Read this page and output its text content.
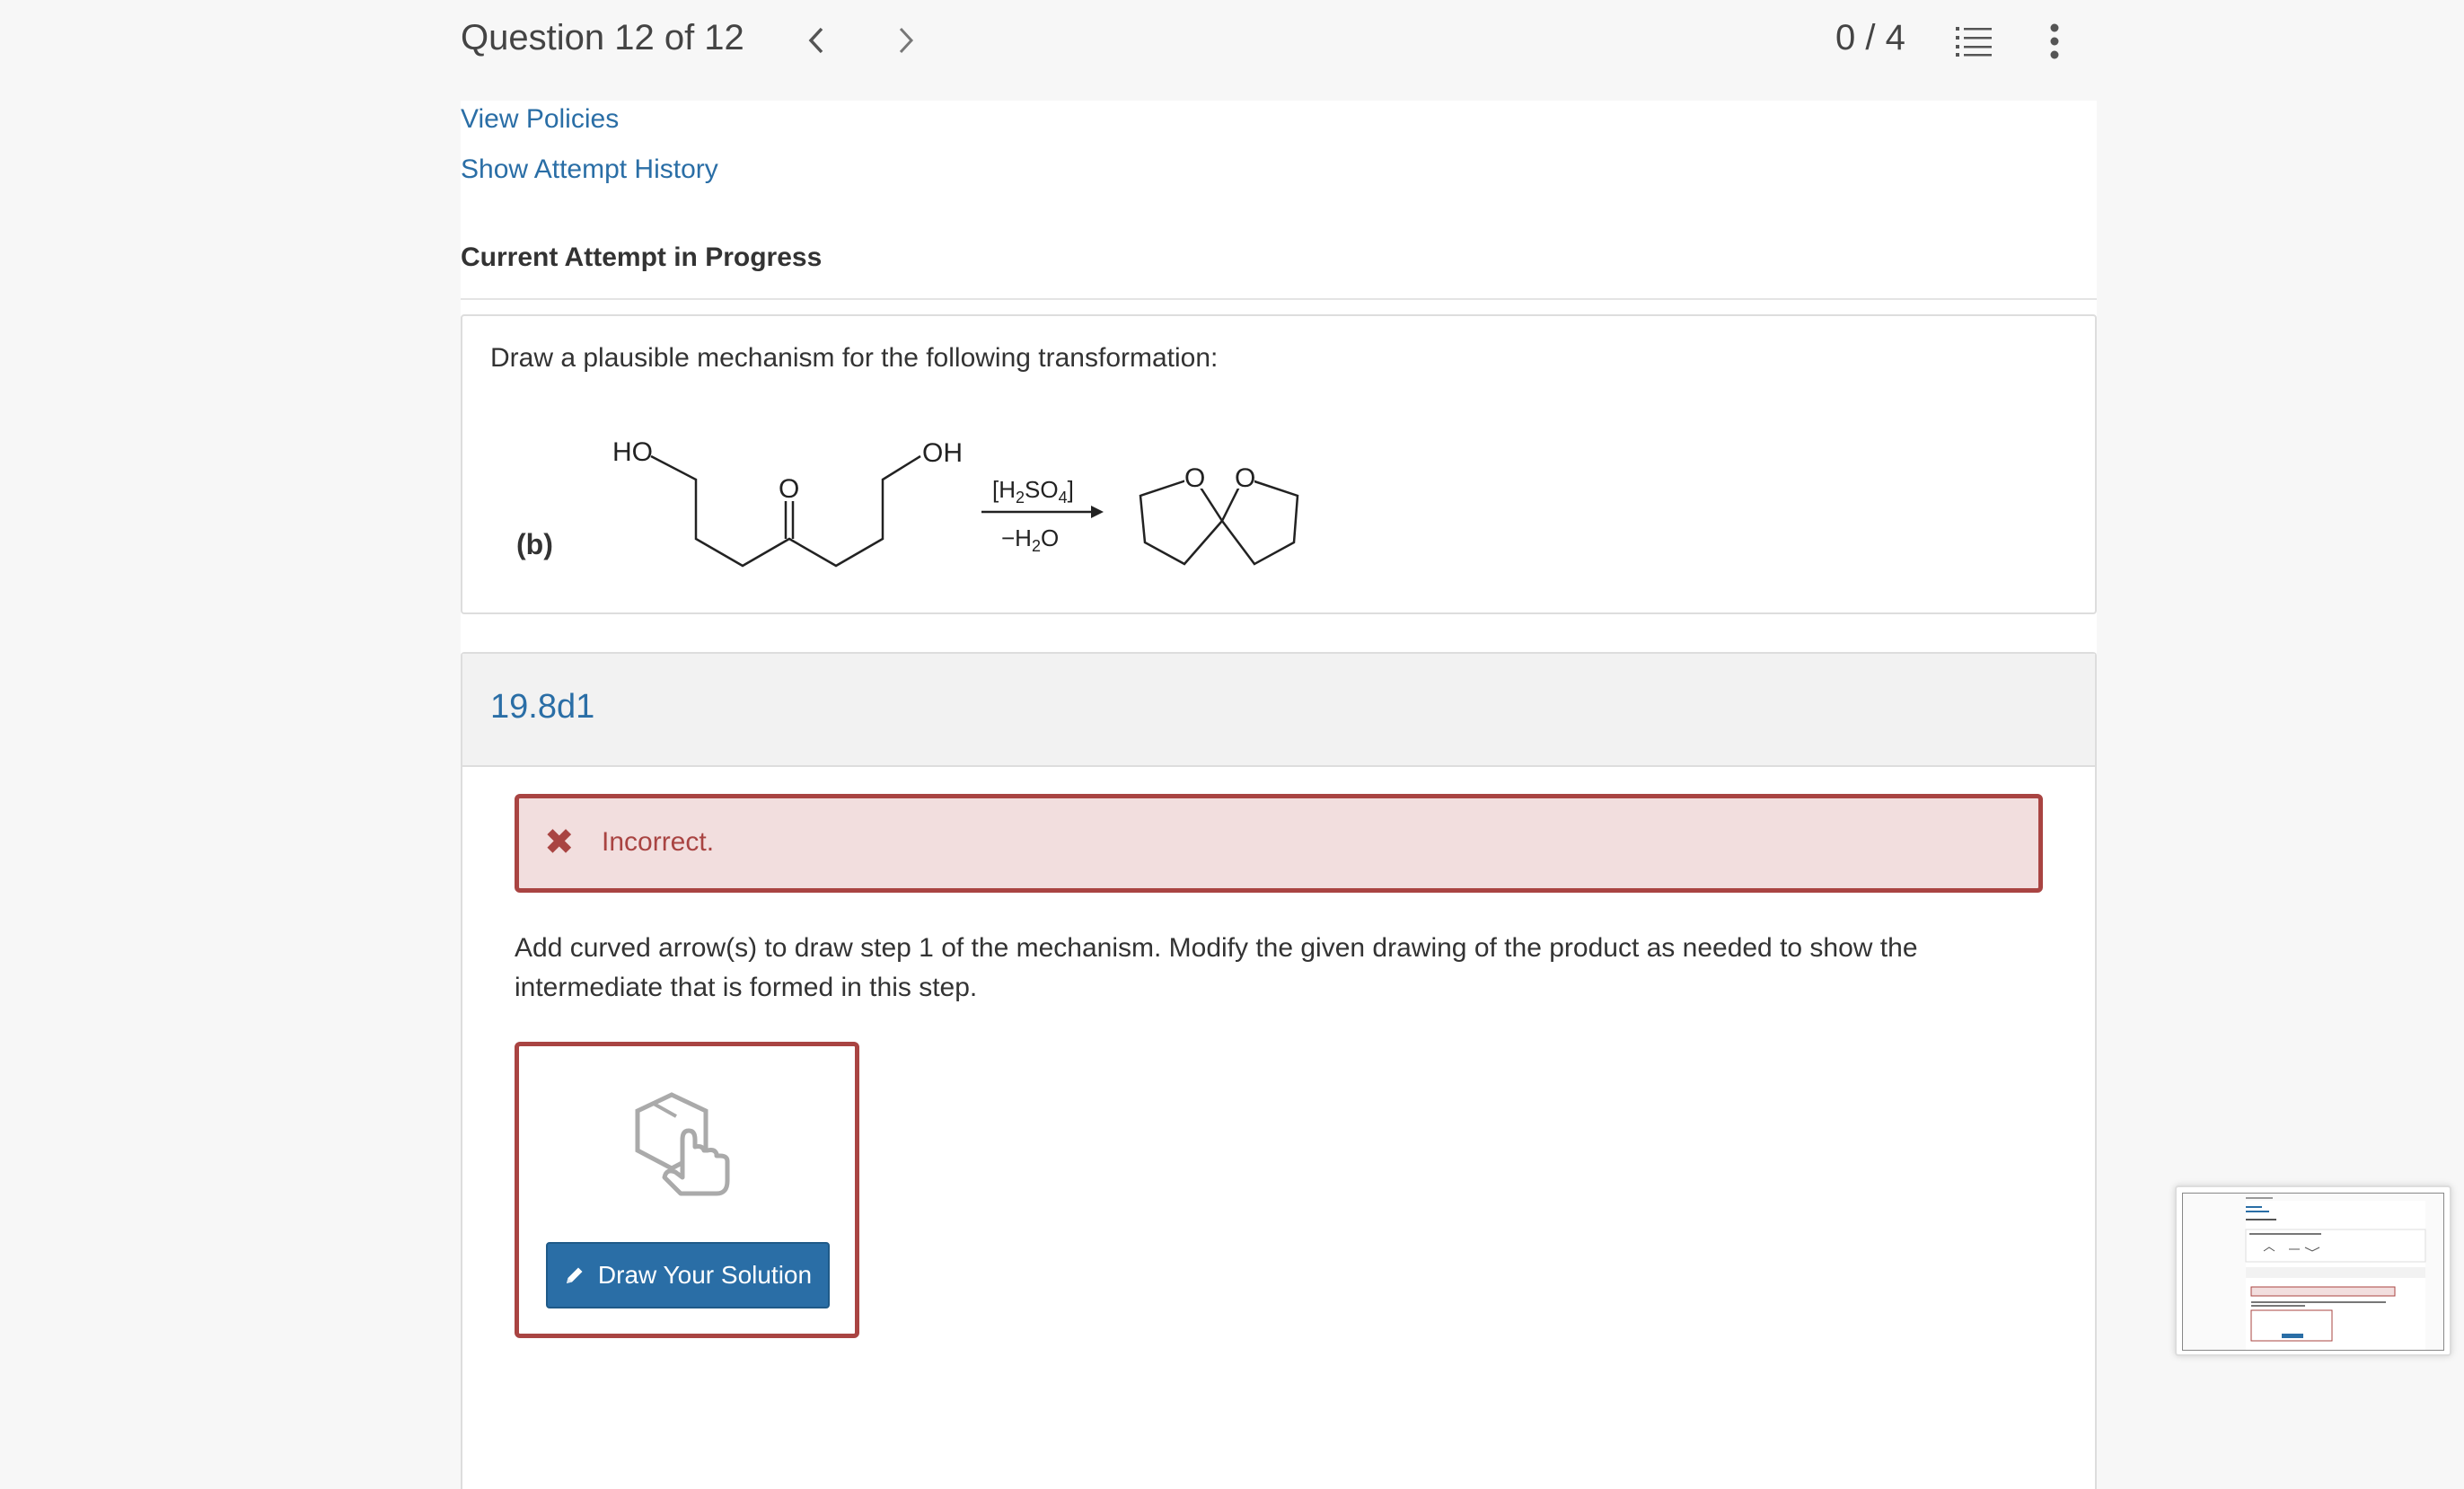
Question 12 of 12	0 / 4
View Policies
Show Attempt History
Current Attempt in Progress
Draw a plausible mechanism for the following transformation:
(b)
HO
O
OH
$[H_2SO_4]$
$-H_2O$
O O
19.8d1
✖ Incorrect.
Add curved arrow(s) to draw step 1 of the mechanism. Modify the given drawing of the product as needed to show the intermediate that is formed in this step.
Draw Your Solution
